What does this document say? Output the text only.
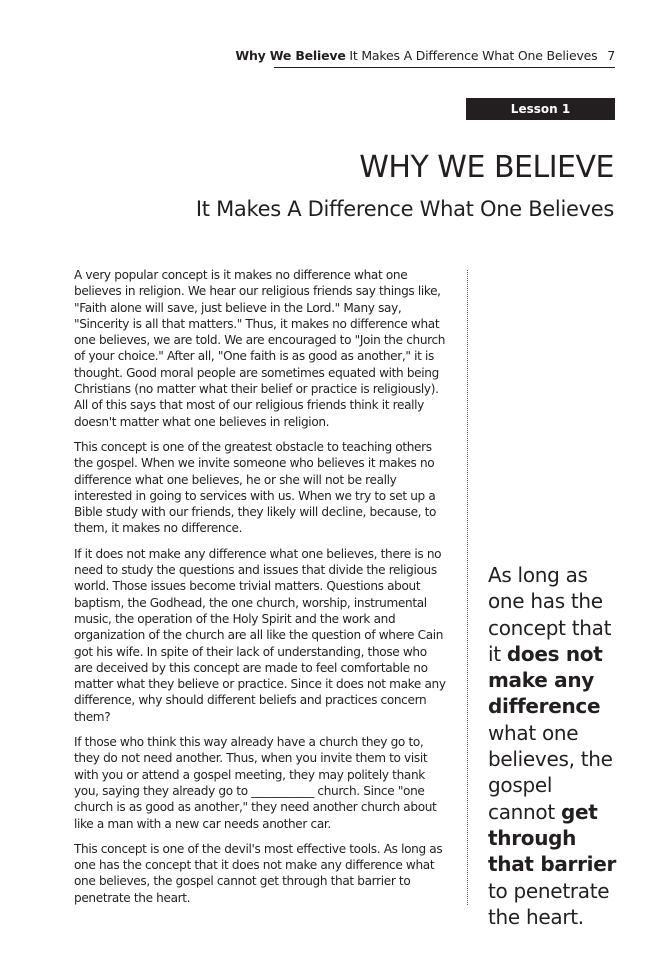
Why We Believe It Makes A Difference What One Believes 7
Lesson 1
WHY WE BELIEVE
It Makes A Difference What One Believes

A very popular concept is it makes no difference what one believes in religion. We hear our religious friends say things like, "Faith alone will save, just believe in the Lord." Many say, "Sincerity is all that matters." Thus, it makes no difference what one believes, we are told. We are encouraged to "Join the church of your choice." After all, "One faith is as good as another," it is thought. Good moral people are sometimes equated with being Christians (no matter what their belief or practice is religiously). All of this says that most of our religious friends think it really doesn't matter what one believes in religion.

This concept is one of the greatest obstacle to teaching others the gospel. When we invite someone who believes it makes no difference what one believes, he or she will not be really interested in going to services with us. When we try to set up a Bible study with our friends, they likely will decline, because, to them, it makes no difference.

If it does not make any difference what one believes, there is no need to study the questions and issues that divide the religious world. Those issues become trivial matters. Questions about baptism, the Godhead, the one church, worship, instrumental music, the operation of the Holy Spirit and the work and organization of the church are all like the question of where Cain got his wife. In spite of their lack of understanding, those who are deceived by this concept are made to feel comfortable no matter what they believe or practice. Since it does not make any difference, why should different beliefs and practices concern them?

If those who think this way already have a church they go to, they do not need another. Thus, when you invite them to visit with you or attend a gospel meeting, they may politely thank you, saying they already go to ___________ church. Since "one church is as good as another," they need another church about like a man with a new car needs another car.

This concept is one of the devil's most effective tools. As long as one has the concept that it does not make any difference what one believes, the gospel cannot get through that barrier to penetrate the heart.

As long as one has the concept that it does not make any difference what one believes, the gospel cannot get through that barrier to penetrate the heart.
